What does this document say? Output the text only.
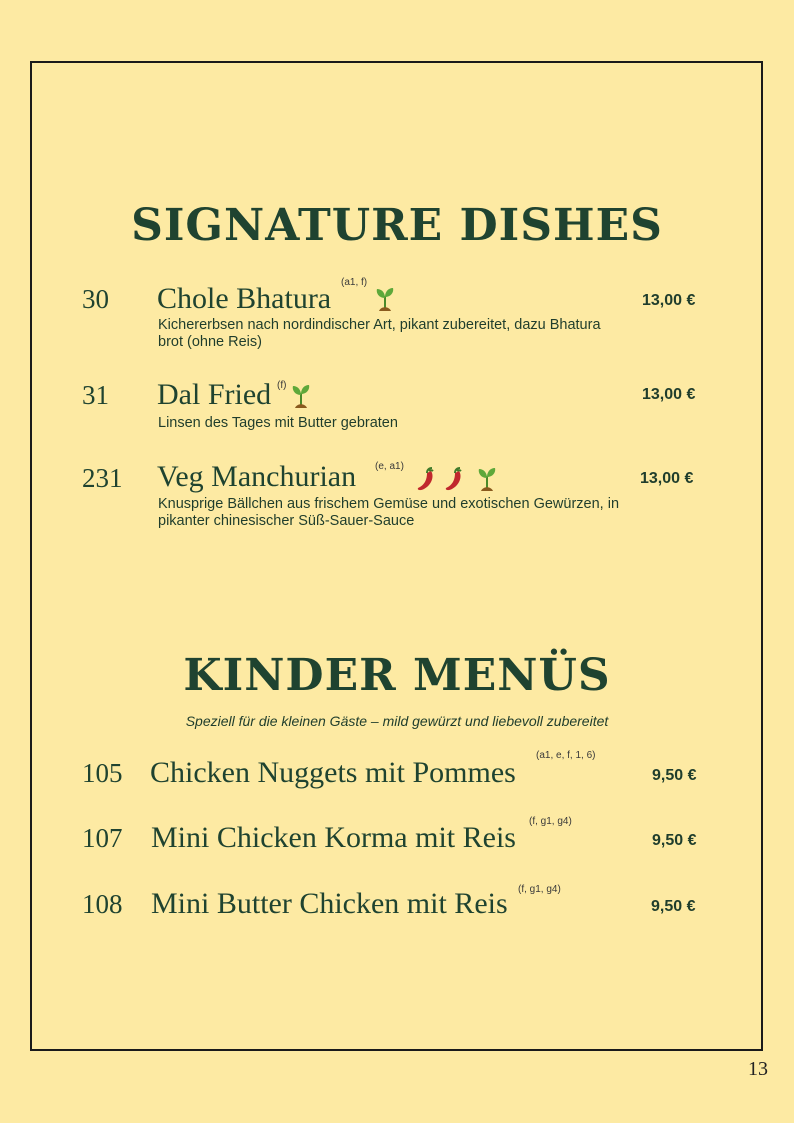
SIGNATURE DISHES
30 Chole Bhatura (a1, f)
13,00 €
Kichererbsen nach nordindischer Art, pikant zubereitet, dazu Bhatura
brot (ohne Reis)
31 Dal Fried (f)
13,00 €
Linsen des Tages mit Butter gebraten
231 Veg Manchurian (e, a1)
13,00 €
Knusprige Bällchen aus frischem Gemüse und exotischen Gewürzen, in
pikanter chinesischer Süß-Sauer-Sauce
KINDER MENÜS
Speziell für die kleinen Gäste – mild gewürzt und liebevoll zubereitet
105 Chicken Nuggets mit Pommes
(a1, e, f, 1, 6)
9,50 €
107 Mini Chicken Korma mit Reis (f, g1, g4)
9,50 €
108 Mini Butter Chicken mit Reis (f, g1, g4)
9,50 €
13
